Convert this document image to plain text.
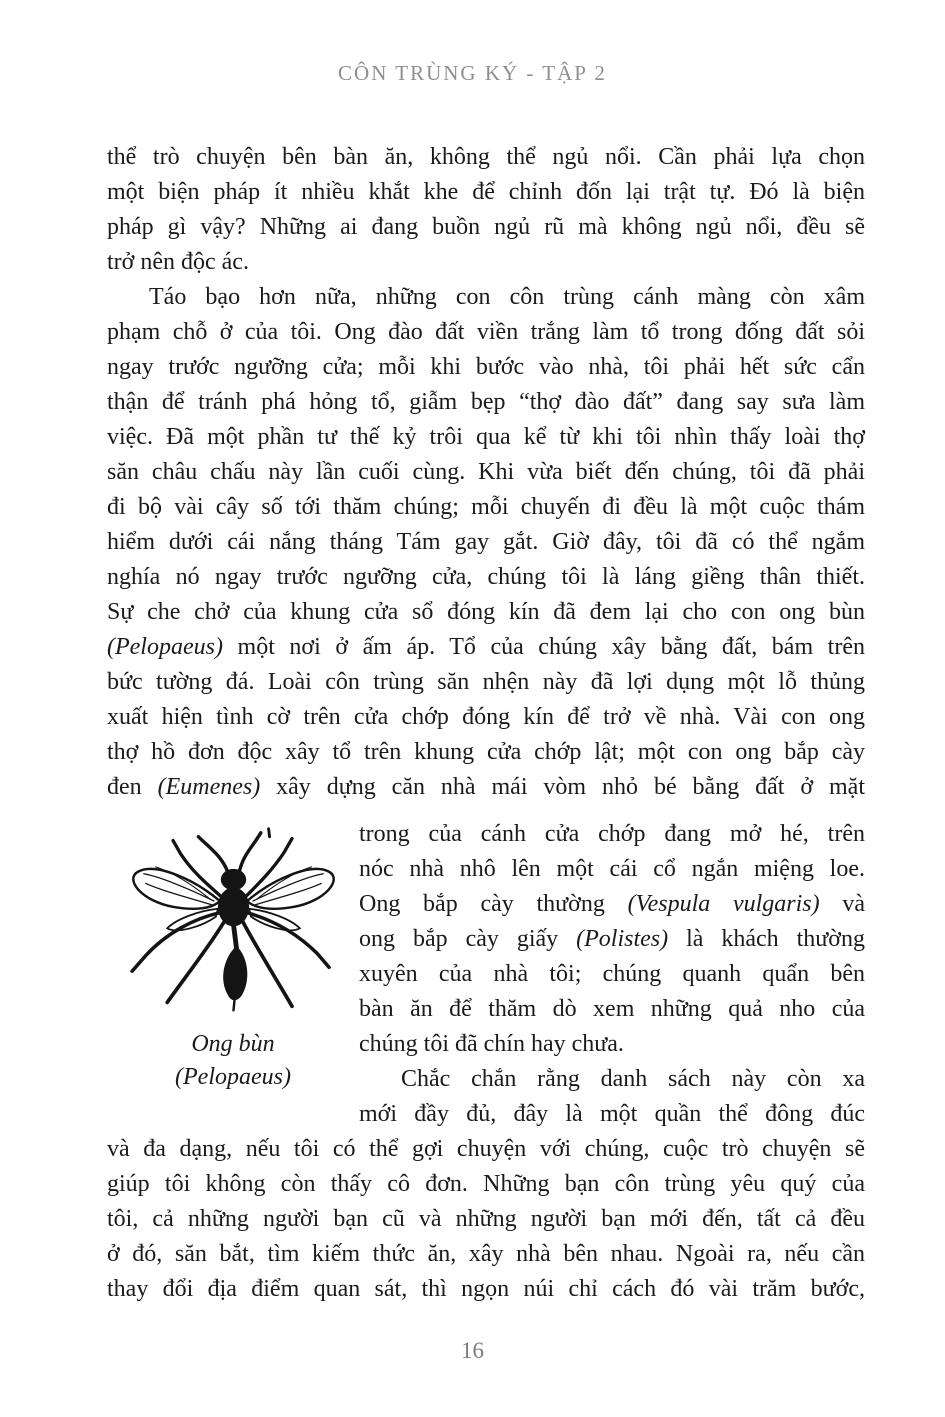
CÔN TRÙNG KÝ - TẬP 2
thể trò chuyện bên bàn ăn, không thể ngủ nổi. Cần phải lựa chọn
một biện pháp ít nhiều khắt khe để chỉnh đốn lại trật tự. Đó là biện
pháp gì vậy? Những ai đang buồn ngủ rũ mà không ngủ nổi, đều sẽ
trở nên độc ác.
Táo bạo hơn nữa, những con côn trùng cánh màng còn xâm
phạm chỗ ở của tôi. Ong đào đất viền trắng làm tổ trong đống đất sỏi
ngay trước ngưỡng cửa; mỗi khi bước vào nhà, tôi phải hết sức cẩn
thận để tránh phá hỏng tổ, giẫm bẹp “thợ đào đất” đang say sưa làm
việc. Đã một phần tư thế kỷ trôi qua kể từ khi tôi nhìn thấy loài thợ
săn châu chấu này lần cuối cùng. Khi vừa biết đến chúng, tôi đã phải
đi bộ vài cây số tới thăm chúng; mỗi chuyến đi đều là một cuộc thám
hiểm dưới cái nắng tháng Tám gay gắt. Giờ đây, tôi đã có thể ngắm
nghía nó ngay trước ngưỡng cửa, chúng tôi là láng giềng thân thiết.
Sự che chở của khung cửa sổ đóng kín đã đem lại cho con ong bùn
(Pelopaeus) một nơi ở ấm áp. Tổ của chúng xây bằng đất, bám trên
bức tường đá. Loài côn trùng săn nhện này đã lợi dụng một lỗ thủng
xuất hiện tình cờ trên cửa chớp đóng kín để trở về nhà. Vài con ong
thợ hồ đơn độc xây tổ trên khung cửa chớp lật; một con ong bắp cày
đen (Eumenes) xây dựng căn nhà mái vòm nhỏ bé bằng đất ở mặt
Ong bùn
(Pelopaeus)
trong của cánh cửa chớp đang mở hé, trên
nóc nhà nhô lên một cái cổ ngắn miệng loe.
Ong bắp cày thường (Vespula vulgaris) và
ong bắp cày giấy (Polistes) là khách thường
xuyên của nhà tôi; chúng quanh quẩn bên
bàn ăn để thăm dò xem những quả nho của
chúng tôi đã chín hay chưa.
Chắc chắn rằng danh sách này còn xa
mới đầy đủ, đây là một quần thể đông đúc
và đa dạng, nếu tôi có thể gợi chuyện với chúng, cuộc trò chuyện sẽ
giúp tôi không còn thấy cô đơn. Những bạn côn trùng yêu quý của
tôi, cả những người bạn cũ và những người bạn mới đến, tất cả đều
ở đó, săn bắt, tìm kiếm thức ăn, xây nhà bên nhau. Ngoài ra, nếu cần
thay đổi địa điểm quan sát, thì ngọn núi chỉ cách đó vài trăm bước,
16
